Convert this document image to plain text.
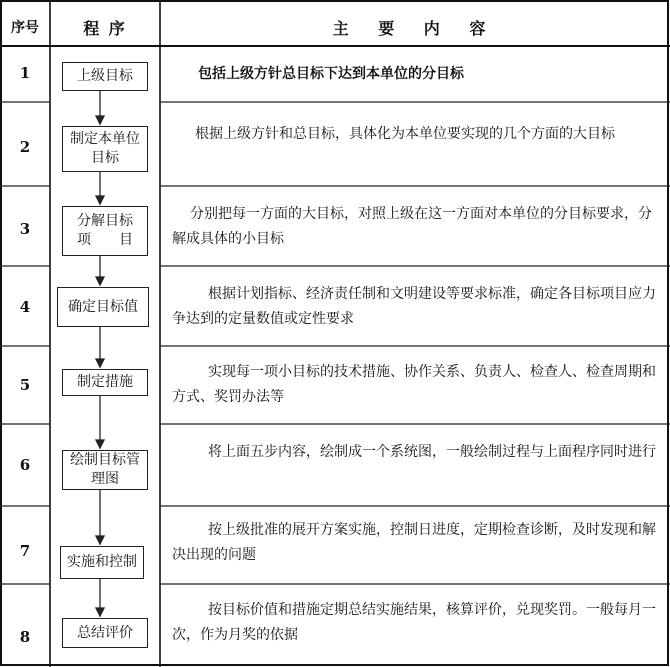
序号	程 序	主 要 内 容
1
2
3
4
5
6
7
8
上级目标
制定本单位目标
分解目标项　　目
确定目标值
制定措施
绘制目标管理图
实施和控制
总结评价
包括上级方针总目标下达到本单位的分目标
根据上级方针和总目标，具体化为本单位要实现的几个方面的大目标
分别把每一方面的大目标，对照上级在这一方面对本单位的分目标要求，分解成具体的小目标
根据计划指标、经济责任制和文明建设等要求标准，确定各目标项目应力争达到的定量数值或定性要求
实现每一项小目标的技术措施、协作关系、负责人、检查人、检查周期和方式、奖罚办法等
将上面五步内容，绘制成一个系统图，一般绘制过程与上面程序同时进行
按上级批准的展开方案实施，控制日进度，定期检查诊断，及时发现和解决出现的问题
按目标价值和措施定期总结实施结果，核算评价，兑现奖罚。一般每月一次，作为月奖的依据
